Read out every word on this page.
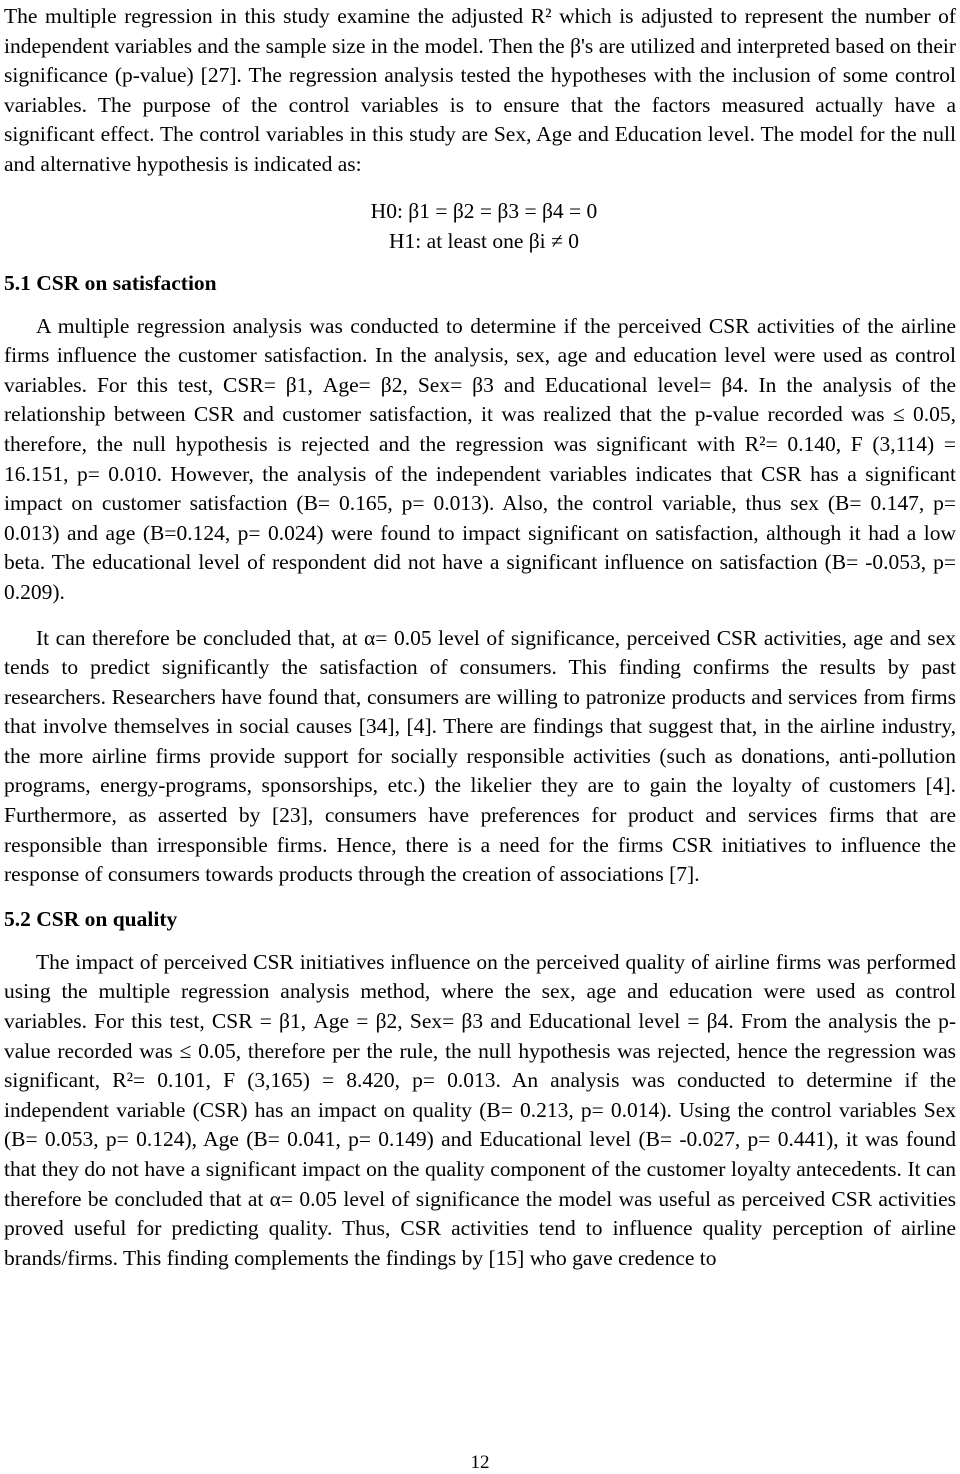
The multiple regression in this study examine the adjusted R² which is adjusted to represent the number of independent variables and the sample size in the model. Then the β's are utilized and interpreted based on their significance (p-value) [27]. The regression analysis tested the hypotheses with the inclusion of some control variables. The purpose of the control variables is to ensure that the factors measured actually have a significant effect. The control variables in this study are Sex, Age and Education level. The model for the null and alternative hypothesis is indicated as:

H0: β1 = β2 = β3 = β4 = 0

H1: at least one βi ≠ 0

5.1 CSR on satisfaction

A multiple regression analysis was conducted to determine if the perceived CSR activities of the airline firms influence the customer satisfaction. In the analysis, sex, age and education level were used as control variables. For this test, CSR= β1, Age= β2, Sex= β3 and Educational level= β4. In the analysis of the relationship between CSR and customer satisfaction, it was realized that the p-value recorded was ≤ 0.05, therefore, the null hypothesis is rejected and the regression was significant with R²= 0.140, F (3,114) = 16.151, p= 0.010. However, the analysis of the independent variables indicates that CSR has a significant impact on customer satisfaction (B= 0.165, p= 0.013). Also, the control variable, thus sex (B= 0.147, p= 0.013) and age (B=0.124, p= 0.024) were found to impact significant on satisfaction, although it had a low beta. The educational level of respondent did not have a significant influence on satisfaction (B= -0.053, p= 0.209).

It can therefore be concluded that, at α= 0.05 level of significance, perceived CSR activities, age and sex tends to predict significantly the satisfaction of consumers. This finding confirms the results by past researchers. Researchers have found that, consumers are willing to patronize products and services from firms that involve themselves in social causes [34], [4]. There are findings that suggest that, in the airline industry, the more airline firms provide support for socially responsible activities (such as donations, anti-pollution programs, energy-programs, sponsorships, etc.) the likelier they are to gain the loyalty of customers [4]. Furthermore, as asserted by [23], consumers have preferences for product and services firms that are responsible than irresponsible firms. Hence, there is a need for the firms CSR initiatives to influence the response of consumers towards products through the creation of associations [7].

5.2 CSR on quality

The impact of perceived CSR initiatives influence on the perceived quality of airline firms was performed using the multiple regression analysis method, where the sex, age and education were used as control variables. For this test, CSR = β1, Age = β2, Sex= β3 and Educational level = β4. From the analysis the p-value recorded was ≤ 0.05, therefore per the rule, the null hypothesis was rejected, hence the regression was significant, R²= 0.101, F (3,165) = 8.420, p= 0.013. An analysis was conducted to determine if the independent variable (CSR) has an impact on quality (B= 0.213, p= 0.014). Using the control variables Sex (B= 0.053, p= 0.124), Age (B= 0.041, p= 0.149) and Educational level (B= -0.027, p= 0.441), it was found that they do not have a significant impact on the quality component of the customer loyalty antecedents. It can therefore be concluded that at α= 0.05 level of significance the model was useful as perceived CSR activities proved useful for predicting quality. Thus, CSR activities tend to influence quality perception of airline brands/firms. This finding complements the findings by [15] who gave credence to

12
